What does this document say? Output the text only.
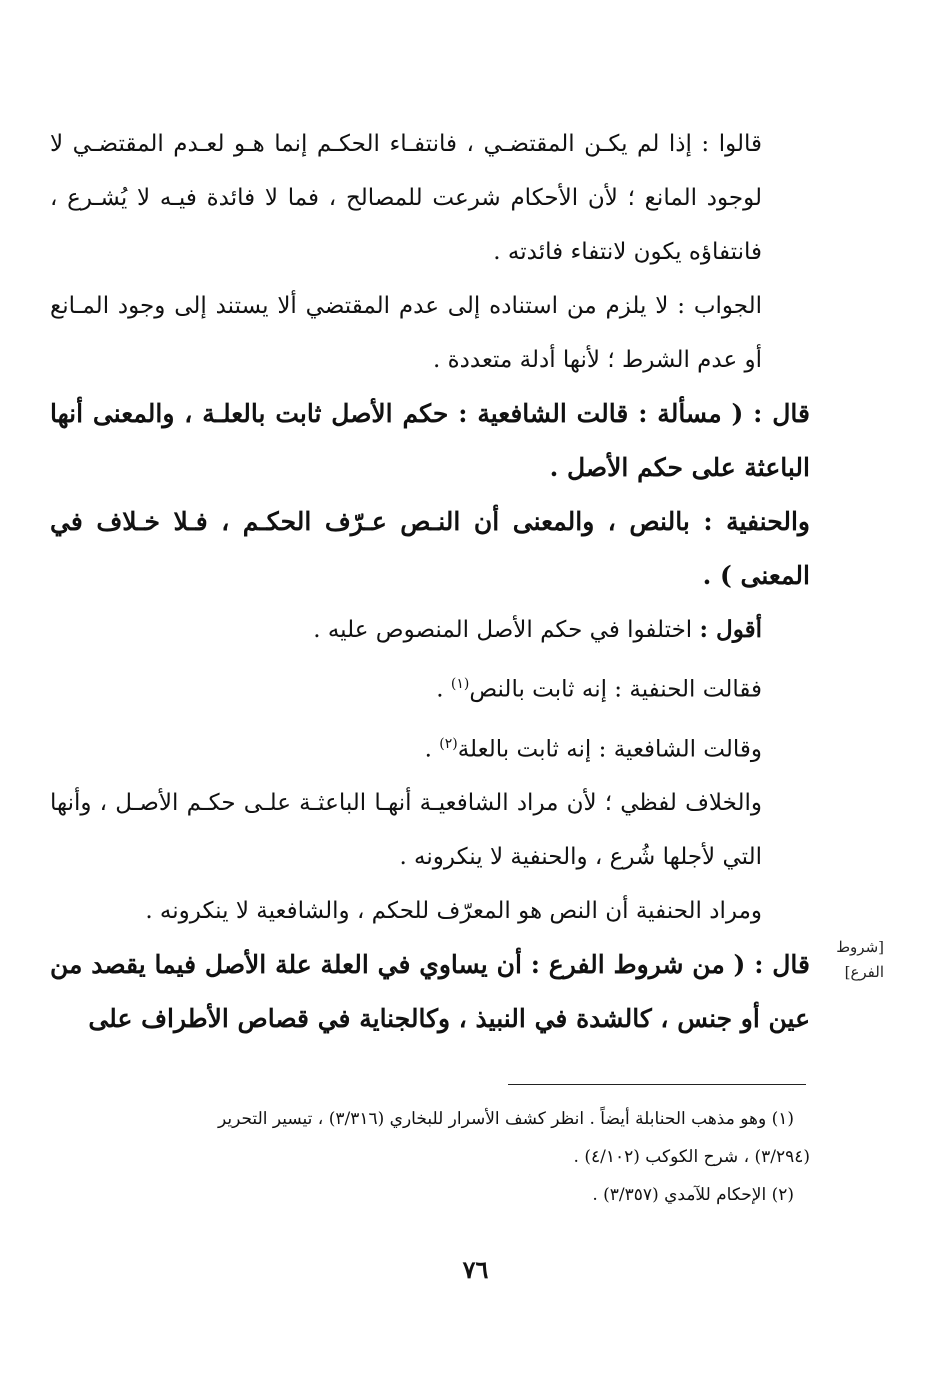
قالوا : إذا لم يكـن المقتضـي ، فانتفـاء الحكـم إنما هـو لعـدم المقتضـي لا لوجود المانع ؛ لأن الأحكام شرعت للمصالح ، فما لا فائدة فيـه لا يُشـرع ، فانتفاؤه يكون لانتفاء فائدته .

الجواب : لا يلزم من استناده إلى عدم المقتضي ألا يستند إلى وجود المـانع أو عدم الشرط ؛ لأنها أدلة متعددة .

قال : ( مسألة : قالت الشافعية : حكم الأصل ثابت بالعلـة ، والمعنى أنها الباعثة على حكم الأصل .

والحنفية : بالنص ، والمعنى أن النـص عـرّف الحكـم ، فـلا خـلاف في المعنى ) .

أقول : اختلفوا في حكم الأصل المنصوص عليه .

فقالت الحنفية : إنه ثابت بالنص$^{(١)}$ .

وقالت الشافعية : إنه ثابت بالعلة$^{(٢)}$ .

والخلاف لفظي ؛ لأن مراد الشافعيـة أنهـا الباعثـة علـى حكـم الأصـل ، وأنها التي لأجلها شُرع ، والحنفية لا ينكرونه .

ومراد الحنفية أن النص هو المعرّف للحكم ، والشافعية لا ينكرونه .

قال : ( من شروط الفرع : أن يساوي في العلة علة الأصل فيما يقصد من عين أو جنس ، كالشدة في النبيذ ، وكالجناية في قصاص الأطراف على

[شروط الفرع]

(١) وهو مذهب الحنابلة أيضاً . انظر كشف الأسرار للبخاري (٣/٣١٦) ، تيسير التحرير

(٣/٢٩٤) ، شرح الكوكب (٤/١٠٢) .

(٢) الإحكام للآمدي (٣/٣٥٧) .

٧٦
